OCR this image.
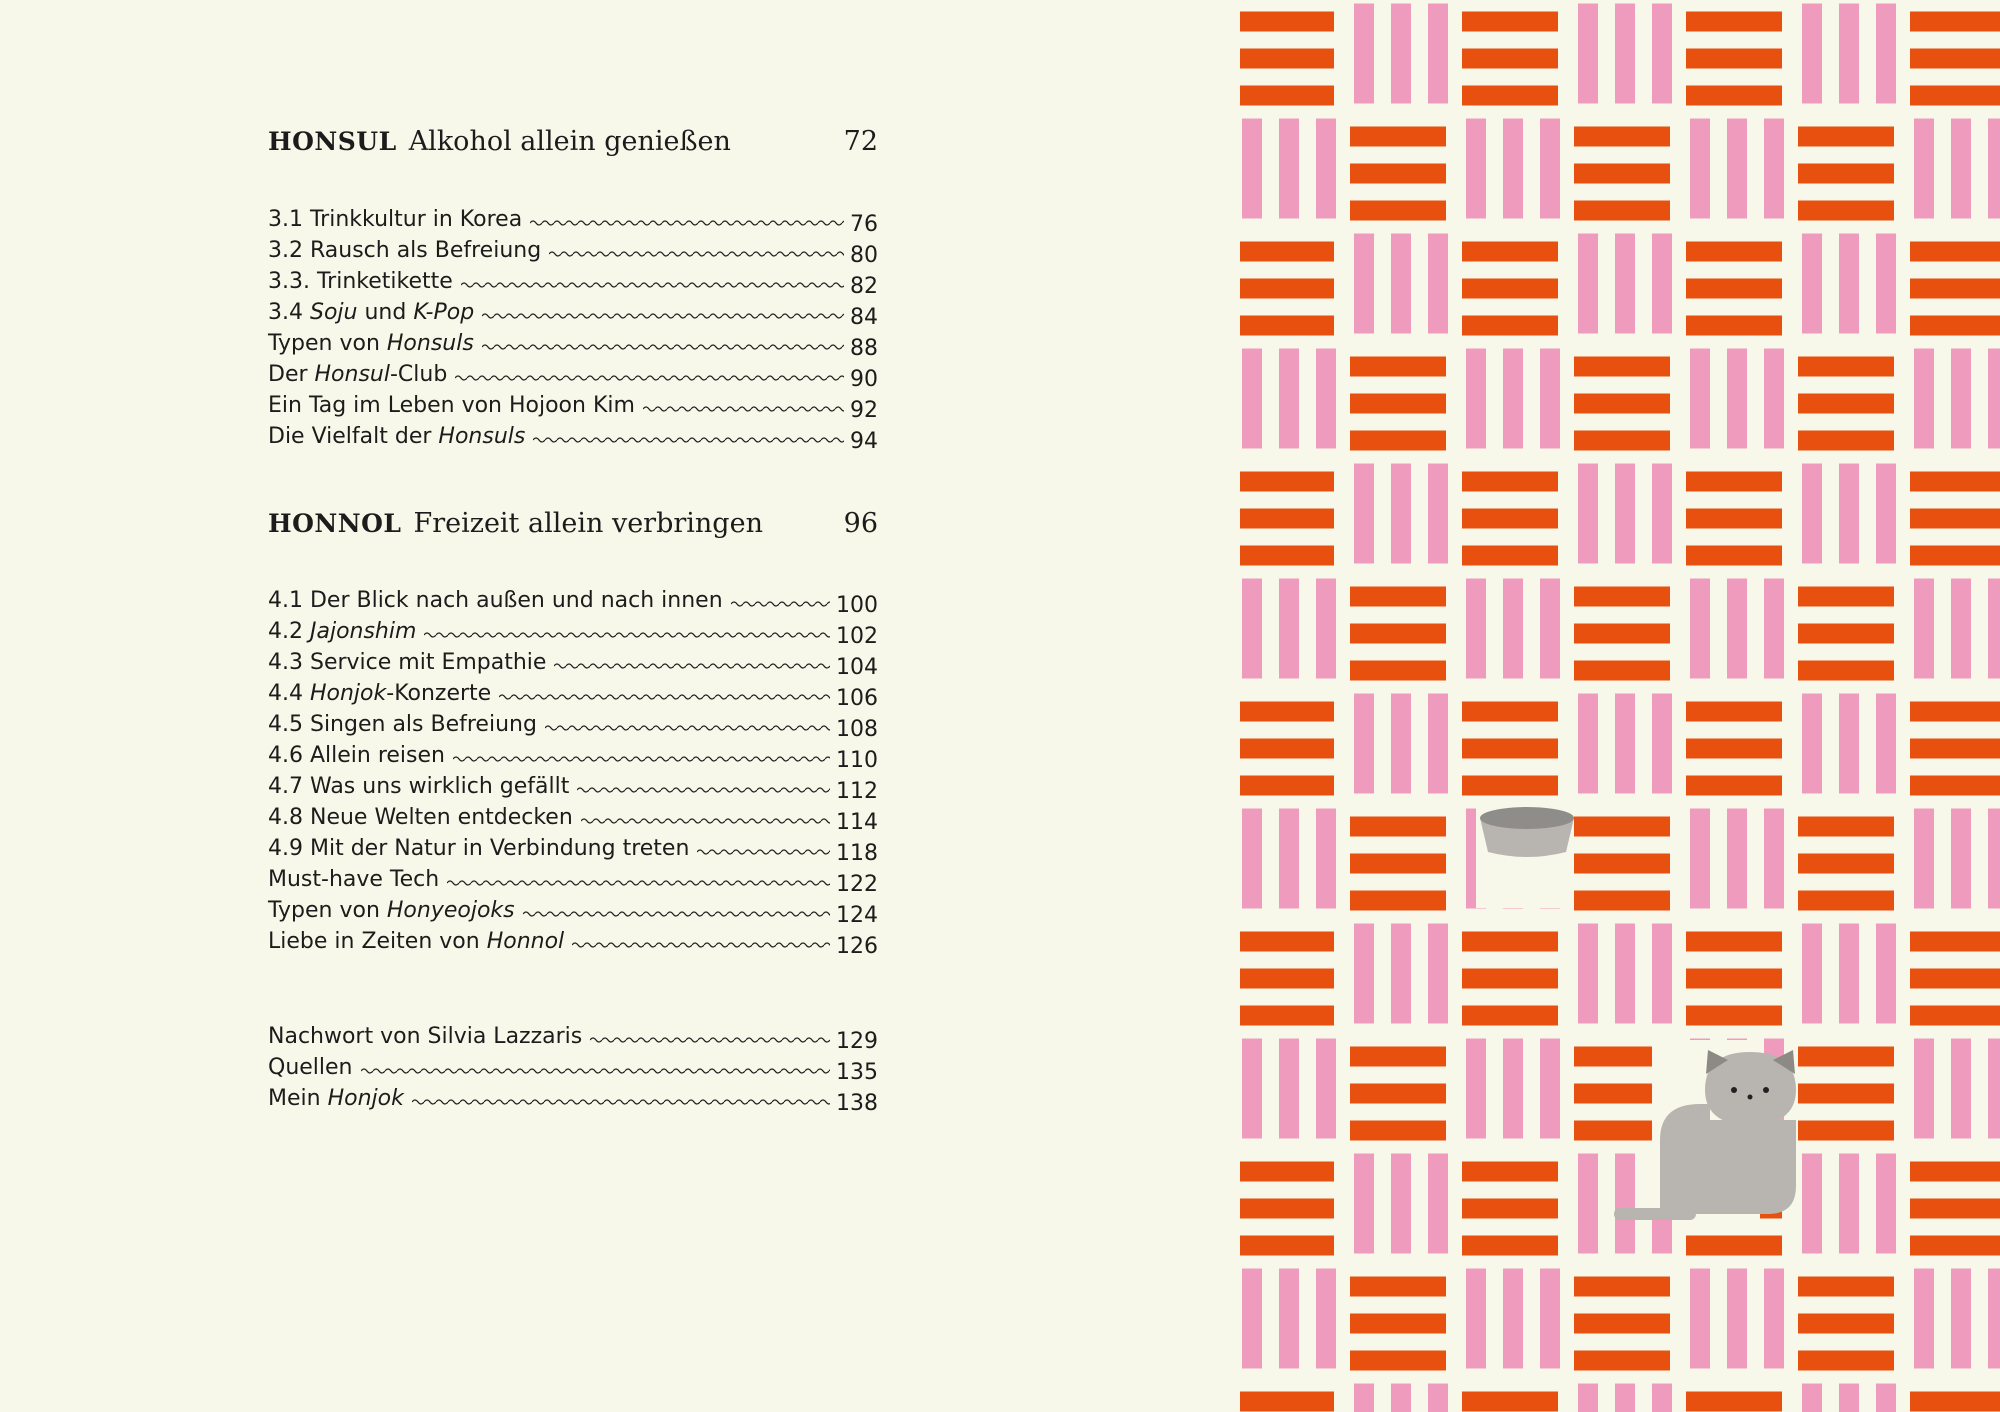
HONSUL Alkohol allein genießen	72
3.1 Trinkkultur in Korea	76
3.2 Rausch als Befreiung	80
3.3. Trinketikette	82
3.4 Soju und K-Pop	84
Typen von Honsuls	88
Der Honsul-Club	90
Ein Tag im Leben von Hojoon Kim	92
Die Vielfalt der Honsuls	94
HONNOL Freizeit allein verbringen	96
4.1 Der Blick nach außen und nach innen	100
4.2 Jajonshim	102
4.3 Service mit Empathie	104
4.4 Honjok-Konzerte	106
4.5 Singen als Befreiung	108
4.6 Allein reisen	110
4.7 Was uns wirklich gefällt	112
4.8 Neue Welten entdecken	114
4.9 Mit der Natur in Verbindung treten	118
Must-have Tech	122
Typen von Honyeojoks	124
Liebe in Zeiten von Honnol	126
Nachwort von Silvia Lazzaris	129
Quellen	135
Mein Honjok	138
